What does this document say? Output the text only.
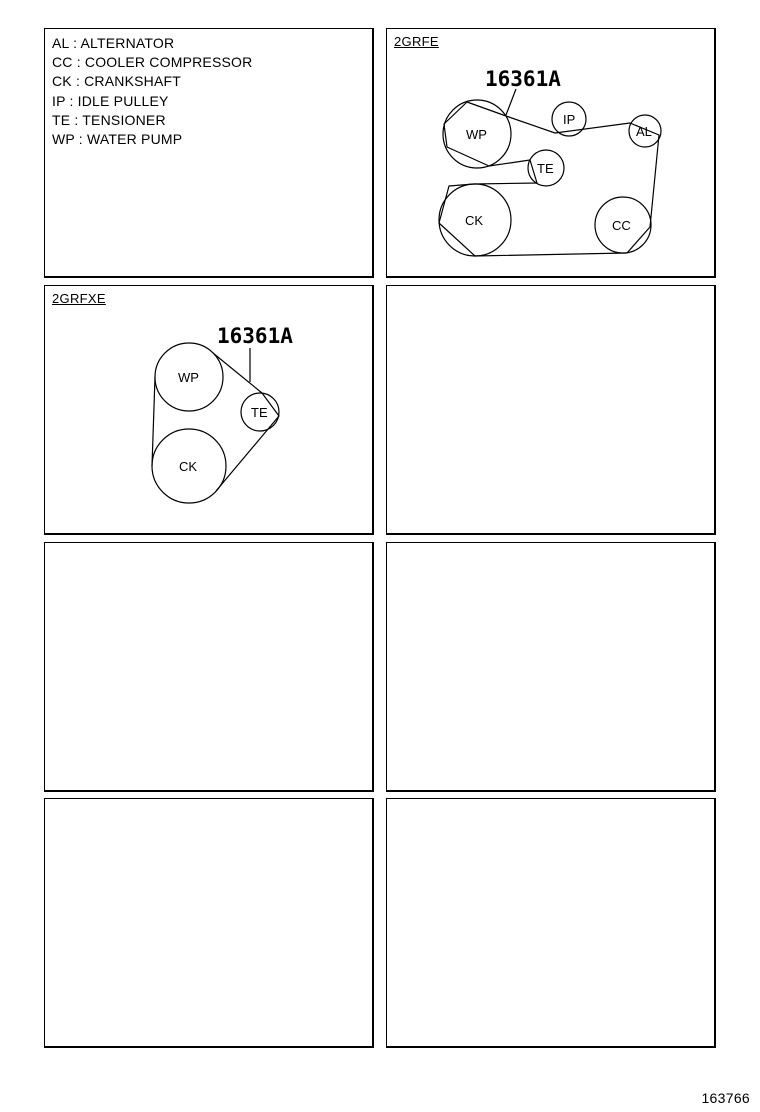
AL : ALTERNATOR
CC : COOLER COMPRESSOR
CK : CRANKSHAFT
IP : IDLE PULLEY
TE : TENSIONER
WP : WATER PUMP
2GRFE
16361A
WP
IP
AL
TE
CK	CC
2GRFXE
16361A
WP
TE
CK
163766
